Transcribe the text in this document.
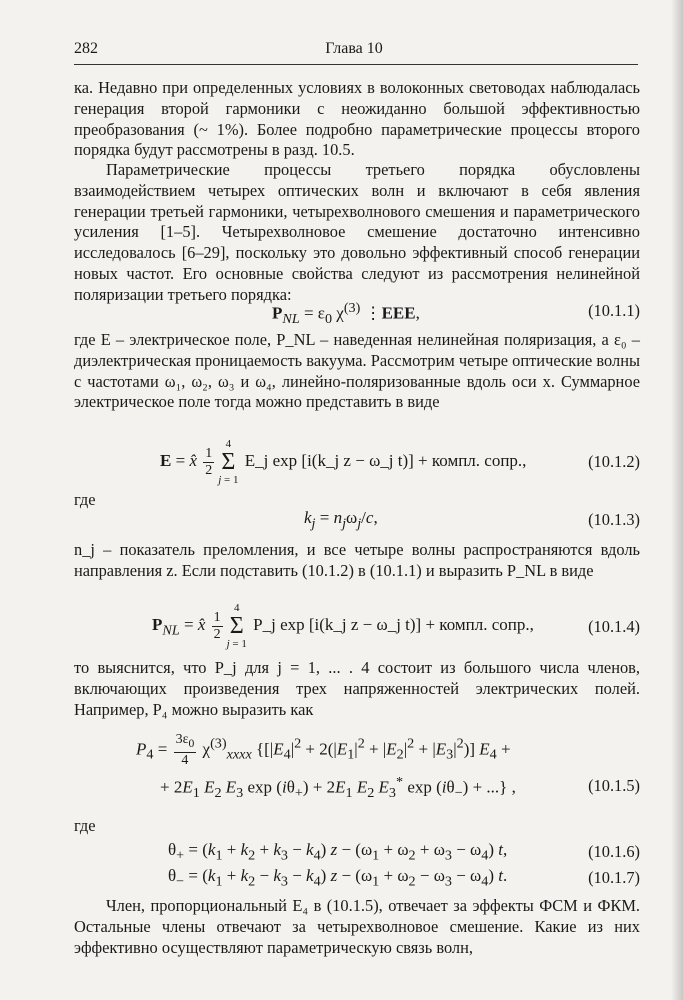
282	Глава 10
ка. Недавно при определенных условиях в волоконных световодах наблюдалась генерация второй гармоники с неожиданно большой эффективностью преобразования (~ 1%). Более подробно параметрические процессы второго порядка будут рассмотрены в разд. 10.5.
Параметрические процессы третьего порядка обусловлены взаимодействием четырех оптических волн и включают в себя явления генерации третьей гармоники, четырехволнового смешения и параметрического усиления [1–5]. Четырехволновое смешение достаточно интенсивно исследовалось [6–29], поскольку это довольно эффективный способ генерации новых частот. Его основные свойства следуют из рассмотрения нелинейной поляризации третьего порядка:
$P_{NL} = \varepsilon_0$ $\chi^{(3)}$ ⋮EEE,	(10.1.1)
где E – электрическое поле, P_NL – наведенная нелинейная поляризация, а ε₀ – диэлектрическая проницаемость вакуума. Рассмотрим четыре оптические волны с частотами ω₁, ω₂, ω₃ и ω₄, линейно-поляризованные вдоль оси x. Суммарное электрическое поле тогда можно представить в виде
E = x̂ $\frac{1}{2}$
4
Σ
j = 1 E_j exp [i(k_j z − ω_j t)] + компл. сопр.,	(10.1.2)
где
$k_j = n_j\omega_j/c$,	(10.1.3)
n_j – показатель преломления, и все четыре волны распространяются вдоль направления z. Если подставить (10.1.2) в (10.1.1) и выразить P_NL в виде
$P_{NL}$ = x̂ $\frac{1}{2}$
4
Σ
j = 1 P_j exp [i(k_j z − ω_j t)] + компл. сопр.,	(10.1.4)
то выяснится, что P_j для j = 1, ... . 4 состоит из большого числа членов, включающих произведения трех напряженностей электрических полей. Например, P₄ можно выразить как
$P_4 = \frac{3\varepsilon_0}{4} \chi^{(3)}_{xxxx}$ {$[|E_4|^2 + 2(|E_1|^2 + |E_2|^2 + |E_3|^2)] E_4$ +
+ $2E_1$ $E_2$ $E_3$ $\exp (i\theta_+) + 2E_1$ $E_2$ $E_3^*$ $\exp (i\theta_-)$ + ...} ,	(10.1.5)
где
$\theta_+ = (k_1 + k_2 + k_3 - k_4) z - (\omega_1 + \omega_2 + \omega_3 - \omega_4)$ t,	(10.1.6)
$\theta_- = (k_1 + k_2 - k_3 - k_4) z - (\omega_1 + \omega_2 - \omega_3 - \omega_4)$ t.	(10.1.7)
Член, пропорциональный E₄ в (10.1.5), отвечает за эффекты ФСМ и ФКМ. Остальные члены отвечают за четырехволновое смешение. Какие из них эффективно осуществляют параметрическую связь волн,
